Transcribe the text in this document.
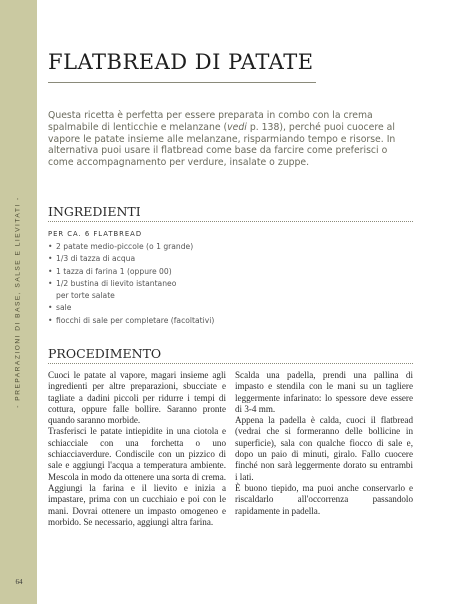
- PREPARAZIONI DI BASE, SALSE E LIEVITATI -
64
FLATBREAD DI PATATE

Questa ricetta è perfetta per essere preparata in combo con la crema spalmabile di lenticchie e melanzane (vedi p. 138), perché puoi cuocere al vapore le patate insieme alle melanzane, risparmiando tempo e risorse. In alternativa puoi usare il flatbread come base da farcire come preferisci o come accompagnamento per verdure, insalate o zuppe.

INGREDIENTI
PER CA. 6 FLATBREAD
• 2 patate medio-piccole (o 1 grande)
• 1/3 di tazza di acqua
• 1 tazza di farina 1 (oppure 00)
• 1/2 bustina di lievito istantaneo
per torte salate
• sale
• fiocchi di sale per completare (facoltativi)
PROCEDIMENTO

Cuoci le patate al vapore, magari insieme agli ingredienti per altre preparazioni, sbucciate e tagliate a dadini piccoli per ridurre i tempi di cottura, oppure falle bollire. Saranno pronte quando saranno morbide.

Trasferisci le patate intiepidite in una ciotola e schiacciale con una forchetta o uno schiacciaverdure. Condiscile con un pizzico di sale e aggiungi l'acqua a temperatura ambiente. Mescola in modo da ottenere una sorta di crema. Aggiungi la farina e il lievito e inizia a impastare, prima con un cucchiaio e poi con le mani. Dovrai ottenere un impasto omogeneo e morbido. Se necessario, aggiungi altra farina.

Scalda una padella, prendi una pallina di impasto e stendila con le mani su un tagliere leggermente infarinato: lo spessore deve essere di 3-4 mm.

Appena la padella è calda, cuoci il flatbread (vedrai che si formeranno delle bollicine in superficie), sala con qualche fiocco di sale e, dopo un paio di minuti, giralo. Fallo cuocere finché non sarà leggermente dorato su entrambi i lati.

È buono tiepido, ma puoi anche conservarlo e riscaldarlo all'occorrenza passandolo rapidamente in padella.
